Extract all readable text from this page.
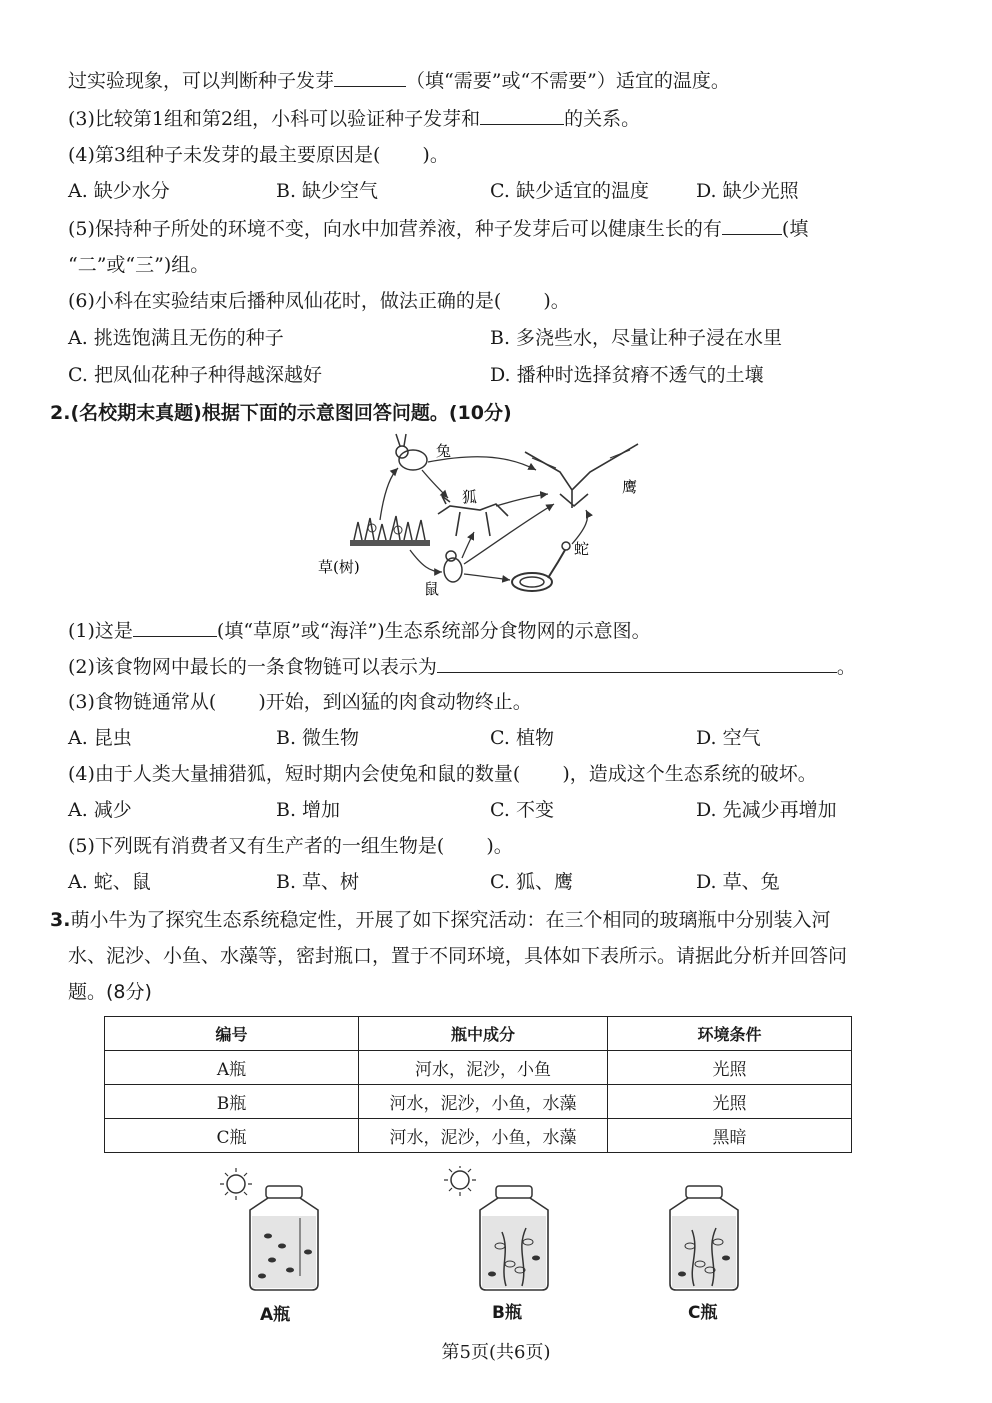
过实验现象，可以判断种子发芽	（填“需要”或“不需要”）适宜的温度。
(3)比较第1组和第2组，小科可以验证种子发芽和	的关系。
(4)第3组种子未发芽的最主要原因是( )。
A. 缺少水分	B. 缺少空气	C. 缺少适宜的温度 D. 缺少光照
(5)保持种子所处的环境不变，向水中加营养液，种子发芽后可以健康生长的有	(填
“二”或“三”)组。
(6)小科在实验结束后播种凤仙花时，做法正确的是( )。
A. 挑选饱满且无伤的种子	B. 多浇些水，尽量让种子浸在水里
C. 把凤仙花种子种得越深越好	D. 播种时选择贫瘠不透气的土壤
2.(名校期末真题)根据下面的示意图回答问题。(10分)
兔
狐
鹰
蛇
鼠
草(树)
(1)这是	(填“草原”或“海洋”)生态系统部分食物网的示意图。
(2)该食物网中最长的一条食物链可以表示为	。
(3)食物链通常从( )开始，到凶猛的肉食动物终止。
A. 昆虫	B. 微生物	C. 植物	D. 空气
(4)由于人类大量捕猎狐，短时期内会使兔和鼠的数量( )，造成这个生态系统的破坏。
A. 减少	B. 增加	C. 不变	D. 先减少再增加
(5)下列既有消费者又有生产者的一组生物是( )。
A. 蛇、鼠	B. 草、树	C. 狐、鹰	D. 草、兔
3.萌小牛为了探究生态系统稳定性，开展了如下探究活动：在三个相同的玻璃瓶中分别装入河
水、泥沙、小鱼、水藻等，密封瓶口，置于不同环境，具体如下表所示。请据此分析并回答问
题。(8分)
编号	瓶中成分	环境条件
A瓶	河水，泥沙，小鱼	光照
B瓶	河水，泥沙，小鱼，水藻	光照
C瓶	河水，泥沙，小鱼，水藻	黑暗
A瓶	B瓶	C瓶
第5页(共6页)
